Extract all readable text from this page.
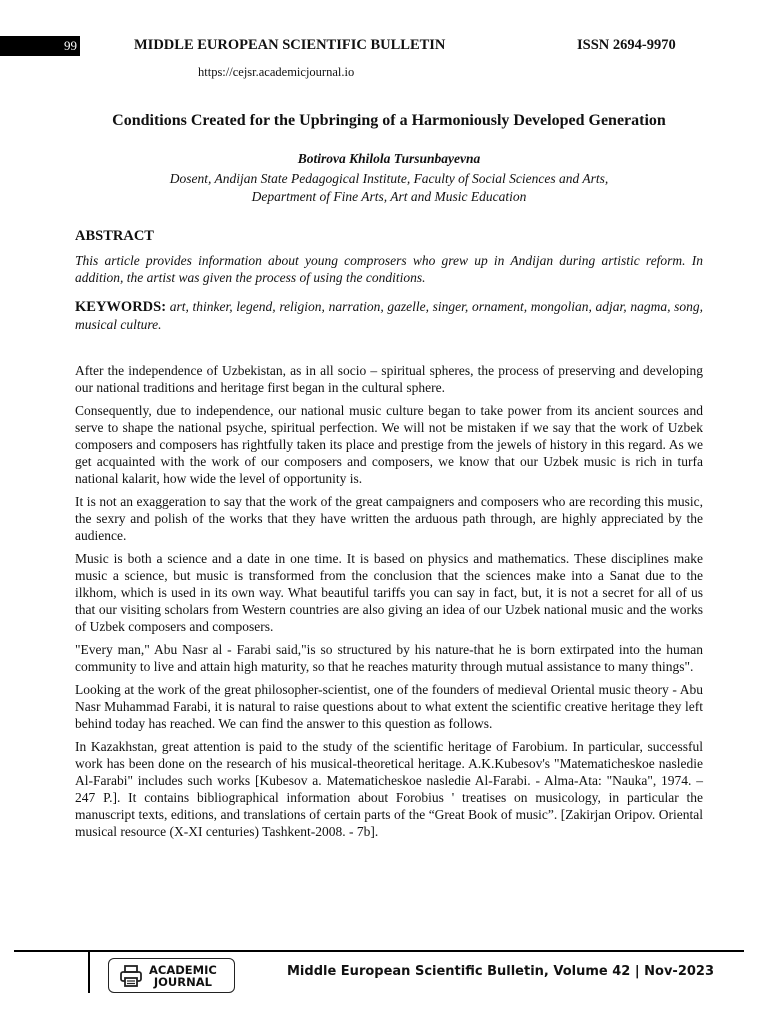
99	MIDDLE EUROPEAN SCIENTIFIC BULLETIN	ISSN 2694-9970
https://cejsr.academicjournal.io
Conditions Created for the Upbringing of a Harmoniously Developed Generation
Botirova Khilola Tursunbayevna
Dosent, Andijan State Pedagogical Institute, Faculty of Social Sciences and Arts,
Department of Fine Arts, Art and Music Education
ABSTRACT

This article provides information about young comprosers who grew up in Andijan during artistic reform. In addition, the artist was given the process of using the conditions.

KEYWORDS: art, thinker, legend, religion, narration, gazelle, singer, ornament, mongolian, adjar, nagma, song, musical culture.

After the independence of Uzbekistan, as in all socio – spiritual spheres, the process of preserving and developing our national traditions and heritage first began in the cultural sphere.

Consequently, due to independence, our national music culture began to take power from its ancient sources and serve to shape the national psyche, spiritual perfection. We will not be mistaken if we say that the work of Uzbek composers and composers has rightfully taken its place and prestige from the jewels of history in this regard. As we get acquainted with the work of our composers and composers, we know that our Uzbek music is rich in turfa national kalarit, how wide the level of opportunity is.

It is not an exaggeration to say that the work of the great campaigners and composers who are recording this music, the sexry and polish of the works that they have written the arduous path through, are highly appreciated by the audience.

Music is both a science and a date in one time. It is based on physics and mathematics. These disciplines make music a science, but music is transformed from the conclusion that the sciences make into a Sanat due to the ilkhom, which is used in its own way. What beautiful tariffs you can say in fact, but, it is not a secret for all of us that our visiting scholars from Western countries are also giving an idea of our Uzbek national music and the works of Uzbek composers and composers.

"Every man," Abu Nasr al - Farabi said,"is so structured by his nature-that he is born extirpated into the human community to live and attain high maturity, so that he reaches maturity through mutual assistance to many things".

Looking at the work of the great philosopher-scientist, one of the founders of medieval Oriental music theory - Abu Nasr Muhammad Farabi, it is natural to raise questions about to what extent the scientific creative heritage they left behind today has reached. We can find the answer to this question as follows.

In Kazakhstan, great attention is paid to the study of the scientific heritage of Farobium. In particular, successful work has been done on the research of his musical-theoretical heritage. A.K.Kubesov's "Matematicheskoe nasledie Al-Farabi" includes such works [Kubesov a. Matematicheskoe nasledie Al-Farabi. - Alma-Ata: "Nauka", 1974. – 247 P.]. It contains bibliographical information about Forobius ' treatises on musicology, in particular the manuscript texts, editions, and translations of certain parts of the “Great Book of music”. [Zakirjan Oripov. Oriental musical resource (X-XI centuries) Tashkent-2008. - 7b].

ACADEMIC
JOURNAL
Middle European Scientific Bulletin, Volume 42 | Nov-2023
